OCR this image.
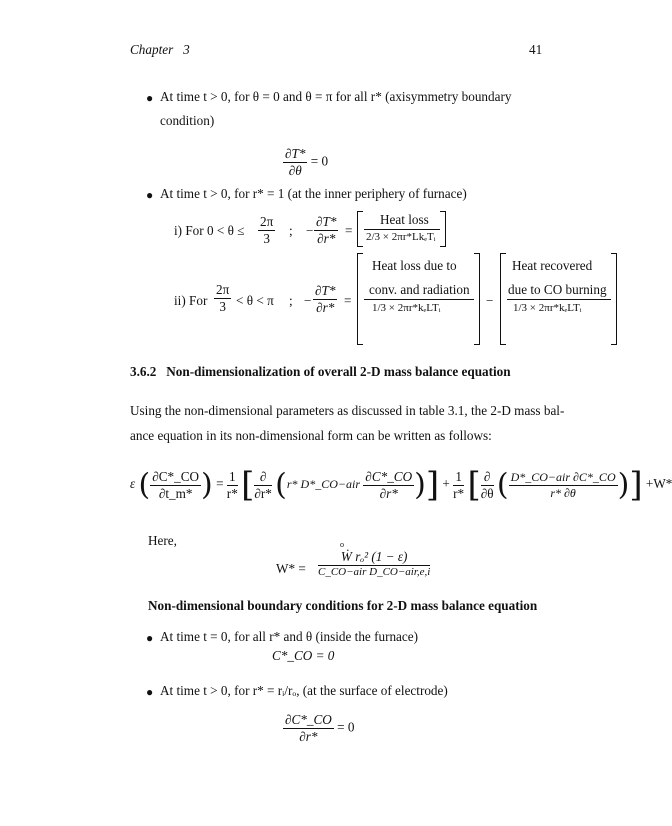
Chapter 3	41
● At time t > 0, for θ = 0 and θ = π for all r* (axisymmetry boundary
condition)
$\frac{\partial T*}{\partial\theta} = 0$
● At time t > 0, for r* = 1 (at the inner periphery of furnace)
i) For $0 < \theta \le \frac{2\pi}{3}$ ; − $\frac{\partial T*}{\partial r*}$ =
Heat loss
2/3 × 2πr*LkₑTᵢ
ii) For $\frac{2\pi}{3} < \theta < \pi$ ; − $\frac{\partial T*}{\partial r*}$ =
Heat loss due to
conv. and radiation
1/3 × 2πr*kₑLTᵢ	−
Heat recovered
due to CO burning
1/3 × 2πr*kₑLTᵢ
3.6.2 Non-dimensionalization of overall 2-D mass balance equation
Using the non-dimensional parameters as discussed in table 3.1, the 2-D mass bal-
ance equation in its non-dimensional form can be written as follows:
ε ( $\frac{\partial C*\_CO}{\partial t\_m*}$ ) = $\frac{1}{r*}$ [ $\frac{\partial}{\partial r*} (r*$ D*_CO−air $\frac{\partial C*\_CO}{\partial r*}$ )] + $\frac{1}{r*}$ [ $\frac{\partial}{\partial\theta}$ ( $\frac{\text{D*\_CO−air ∂C*\_CO}}{r* \partial\theta}$ )] +W*
Here,
W* =
o
Ẇ rₒ² (1 − ε)
C_CO−air D_CO−air,e,i
Non-dimensional boundary conditions for 2-D mass balance equation
● At time t = 0, for all r* and θ (inside the furnace)
C*_CO = 0
● At time t > 0, for r* = rᵢ/rₒ, (at the surface of electrode)
$\frac{\partial C*\_CO}{\partial r*} = 0$
